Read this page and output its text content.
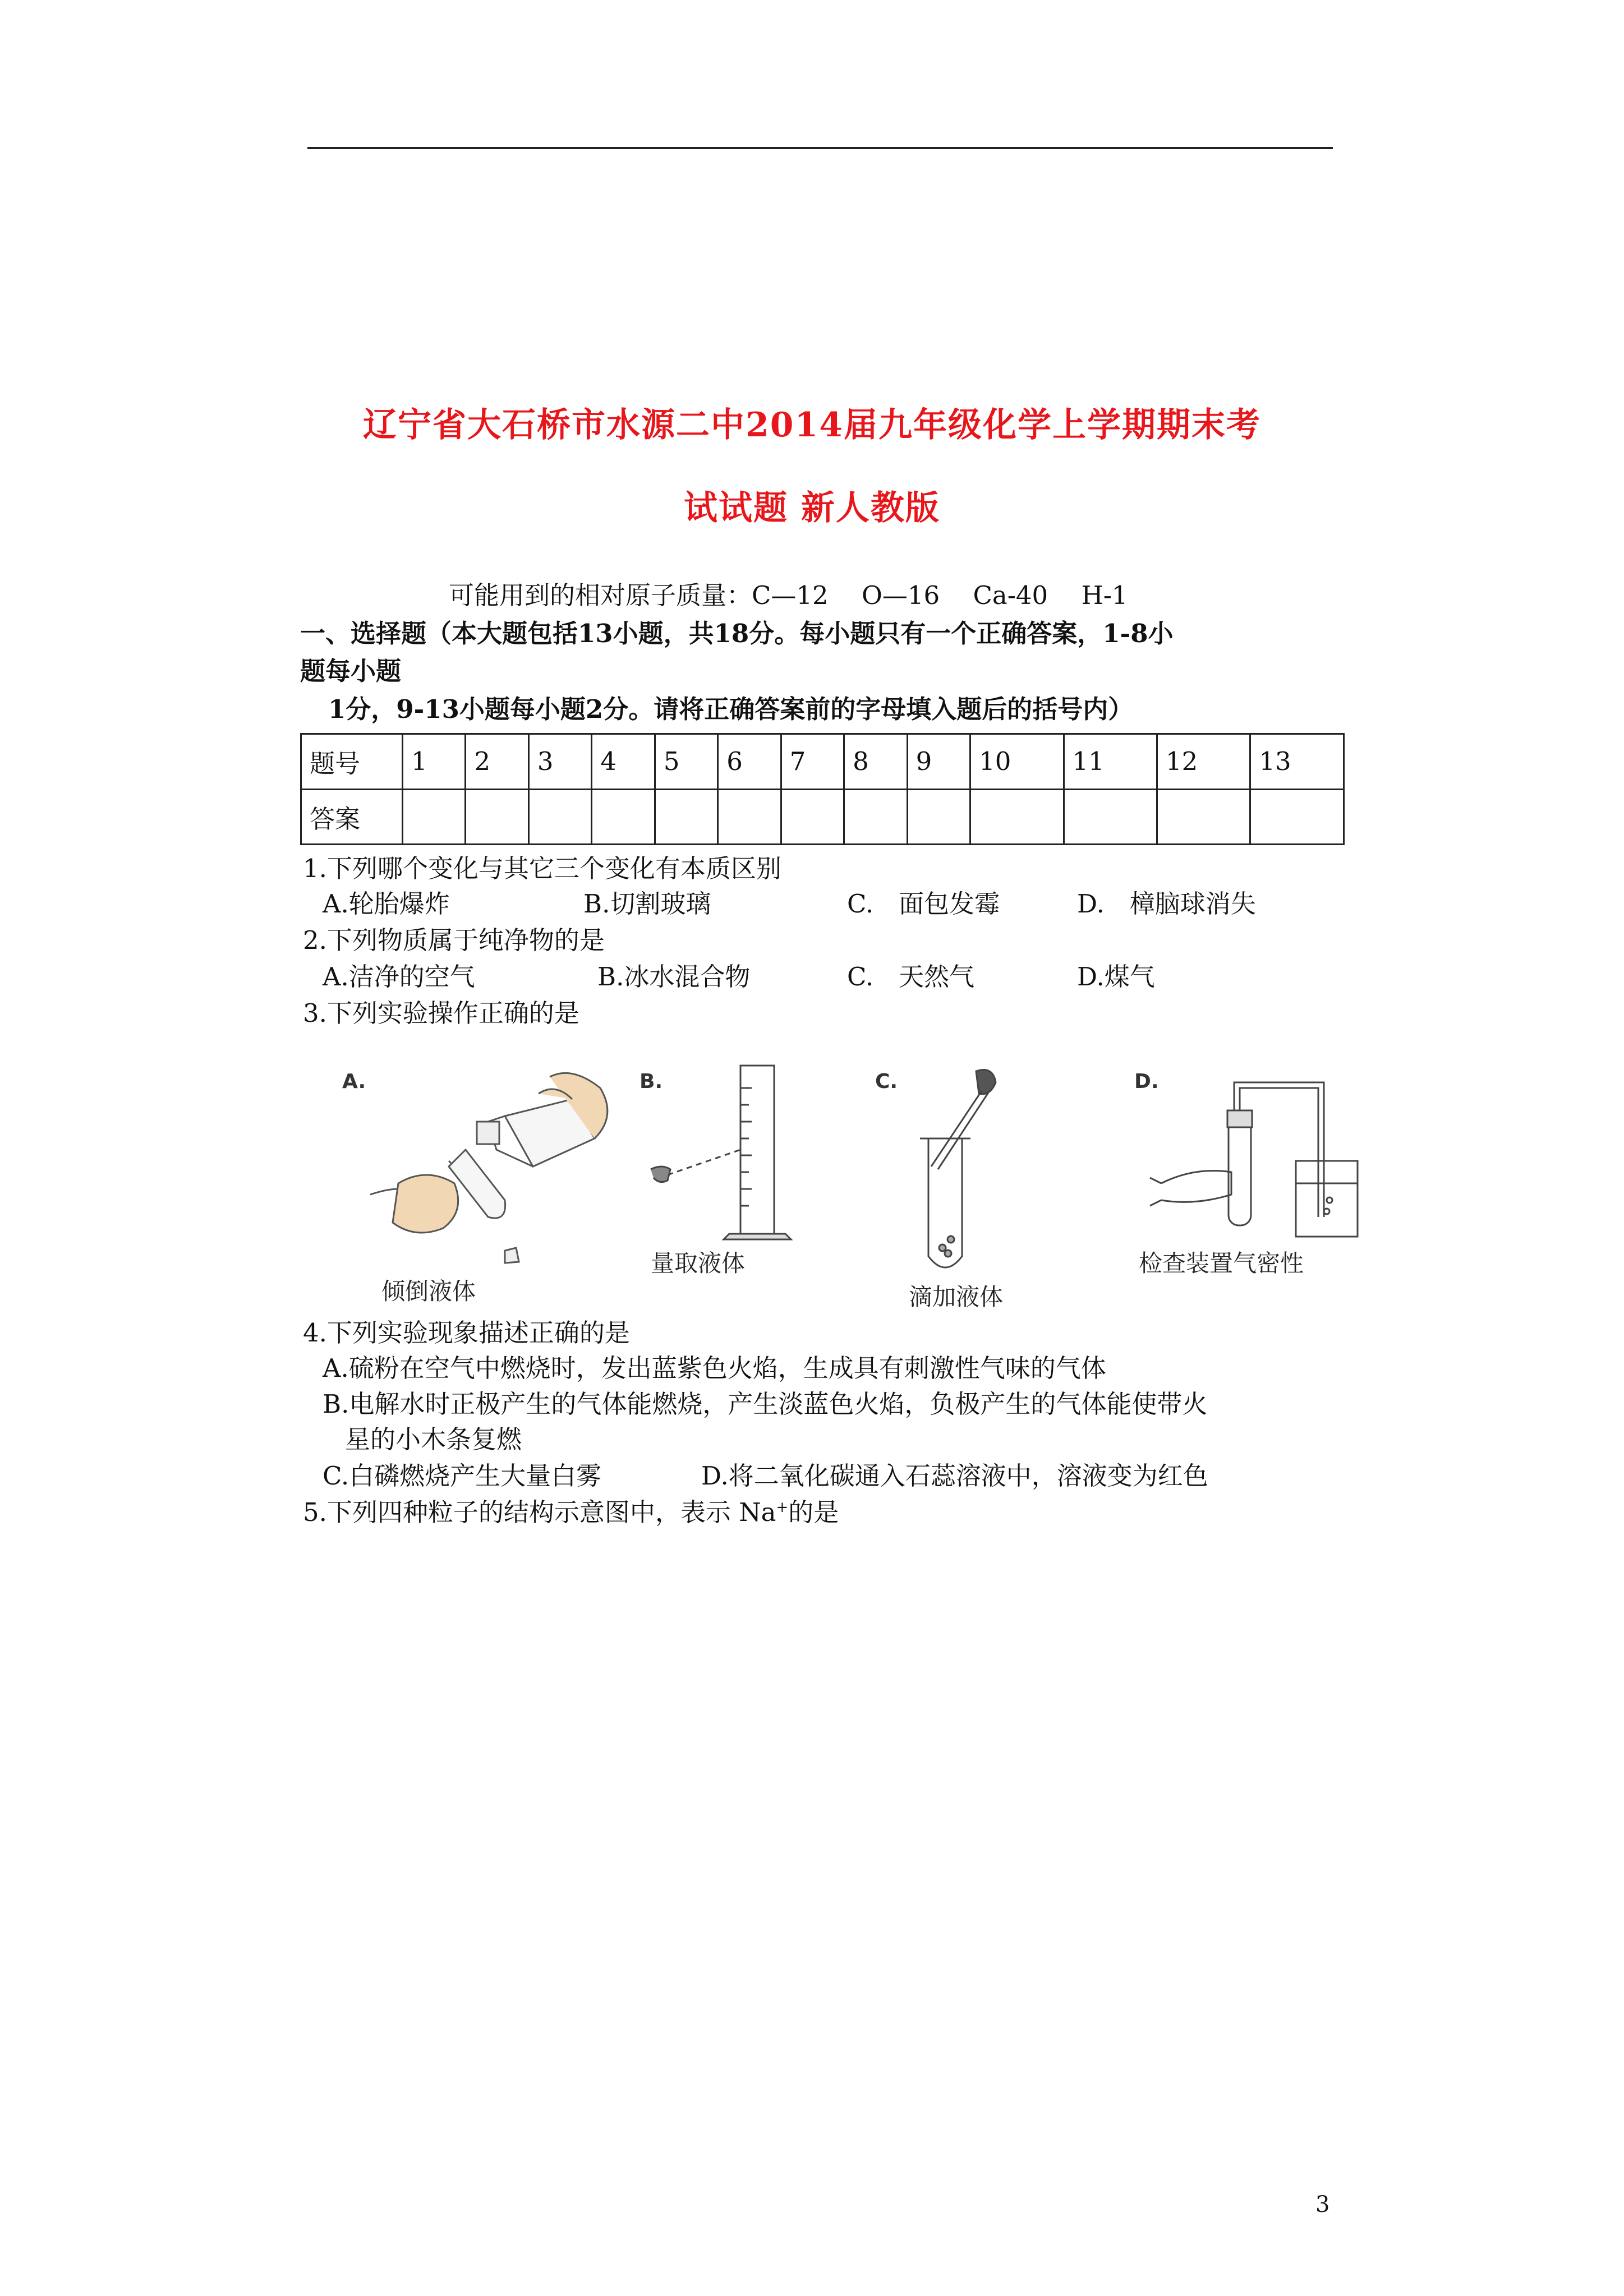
辽宁省大石桥市水源二中2014届九年级化学上学期期末考
试试题 新人教版
可能用到的相对原子质量：C—12　 O—16　 Ca-40　 H-1
一、选择题（本大题包括13小题，共18分。每小题只有一个正确答案，1-8小
题每小题
1分，9-13小题每小题2分。请将正确答案前的字母填入题后的括号内）
题号	1	2	3	4	5	6	7	8	9	10	11	12	13
答案													
1.下列哪个变化与其它三个变化有本质区别
A.轮胎爆炸	B.切割玻璃	C.　面包发霉	D.　樟脑球消失
2.下列物质属于纯净物的是
A.洁净的空气	B.冰水混合物	C.　天然气	D.煤气
3.下列实验操作正确的是
A.
倾倒液体
B.
量取液体
C.
滴加液体
D.
检查装置气密性
4.下列实验现象描述正确的是
A.硫粉在空气中燃烧时，发出蓝紫色火焰，生成具有刺激性气味的气体
B.电解水时正极产生的气体能燃烧，产生淡蓝色火焰，负极产生的气体能使带火
星的小木条复燃
C.白磷燃烧产生大量白雾	D.将二氧化碳通入石蕊溶液中，溶液变为红色
5.下列四种粒子的结构示意图中，表示 Na+的是
3
